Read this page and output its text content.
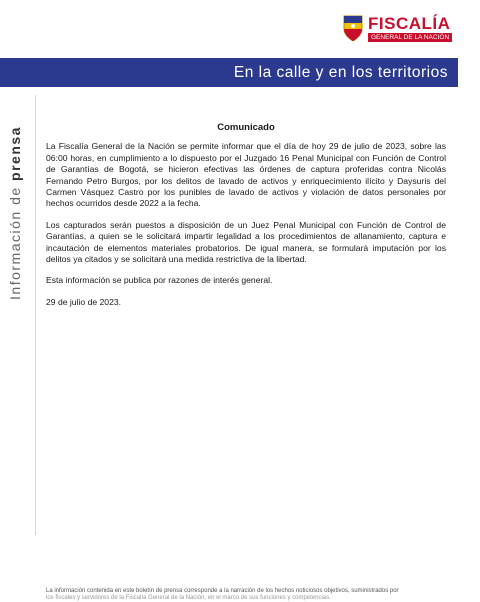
FISCALÍA
GENERAL DE LA NACIÓN
En la calle y en los territorios
Información de prensa	Comunicado

La Fiscalía General de la Nación se permite informar que el día de hoy 29 de julio de 2023, sobre las 06:00 horas, en cumplimiento a lo dispuesto por el Juzgado 16 Penal Municipal con Función de Control de Garantías de Bogotá, se hicieron efectivas las órdenes de captura proferidas contra Nicolás Fernando Petro Burgos, por los delitos de lavado de activos y enriquecimiento ilícito y Daysuris del Carmen Vásquez Castro por los punibles de lavado de activos y violación de datos personales por hechos ocurridos desde 2022 a la fecha.

Los capturados serán puestos a disposición de un Juez Penal Municipal con Función de Control de Garantías, a quien se le solicitará impartir legalidad a los procedimientos de allanamiento, captura e incautación de elementos materiales probatorios. De igual manera, se formulará imputación por los delitos ya citados y se solicitará una medida restrictiva de la libertad.

Esta información se publica por razones de interés general.

29 de julio de 2023.

La información contenida en este boletín de prensa corresponde a la narración de los hechos noticiosos objetivos, suministrados por
los fiscales y servidores de la Fiscalía General de la Nación, en el marco de sus funciones y competencias.
